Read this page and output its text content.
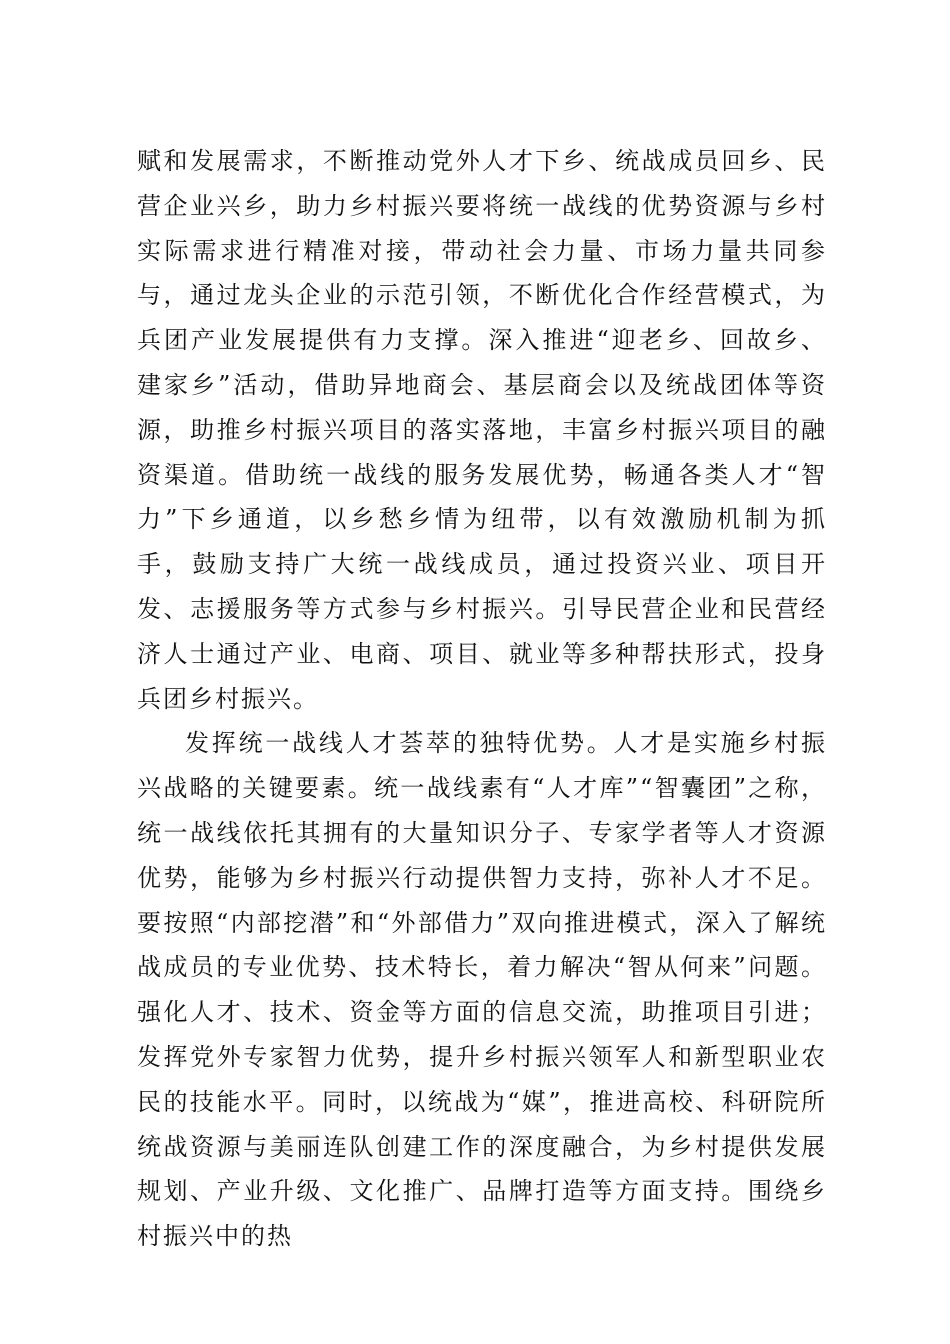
赋和发展需求，不断推动党外人才下乡、统战成员回乡、民营企业兴乡，助力乡村振兴要将统一战线的优势资源与乡村实际需求进行精准对接，带动社会力量、市场力量共同参与，通过龙头企业的示范引领，不断优化合作经营模式，为兵团产业发展提供有力支撑。深入推进“迎老乡、回故乡、建家乡”活动，借助异地商会、基层商会以及统战团体等资源，助推乡村振兴项目的落实落地，丰富乡村振兴项目的融资渠道。借助统一战线的服务发展优势，畅通各类人才“智力”下乡通道，以乡愁乡情为纽带，以有效激励机制为抓手，鼓励支持广大统一战线成员，通过投资兴业、项目开发、志援服务等方式参与乡村振兴。引导民营企业和民营经济人士通过产业、电商、项目、就业等多种帮扶形式，投身兵团乡村振兴。

发挥统一战线人才荟萃的独特优势。人才是实施乡村振兴战略的关键要素。统一战线素有“人才库”“智囊团”之称，统一战线依托其拥有的大量知识分子、专家学者等人才资源优势，能够为乡村振兴行动提供智力支持，弥补人才不足。要按照“内部挖潜”和“外部借力”双向推进模式，深入了解统战成员的专业优势、技术特长，着力解决“智从何来”问题。强化人才、技术、资金等方面的信息交流，助推项目引进；发挥党外专家智力优势，提升乡村振兴领军人和新型职业农民的技能水平。同时，以统战为“媒”，推进高校、科研院所统战资源与美丽连队创建工作的深度融合，为乡村提供发展规划、产业升级、文化推广、品牌打造等方面支持。围绕乡村振兴中的热
